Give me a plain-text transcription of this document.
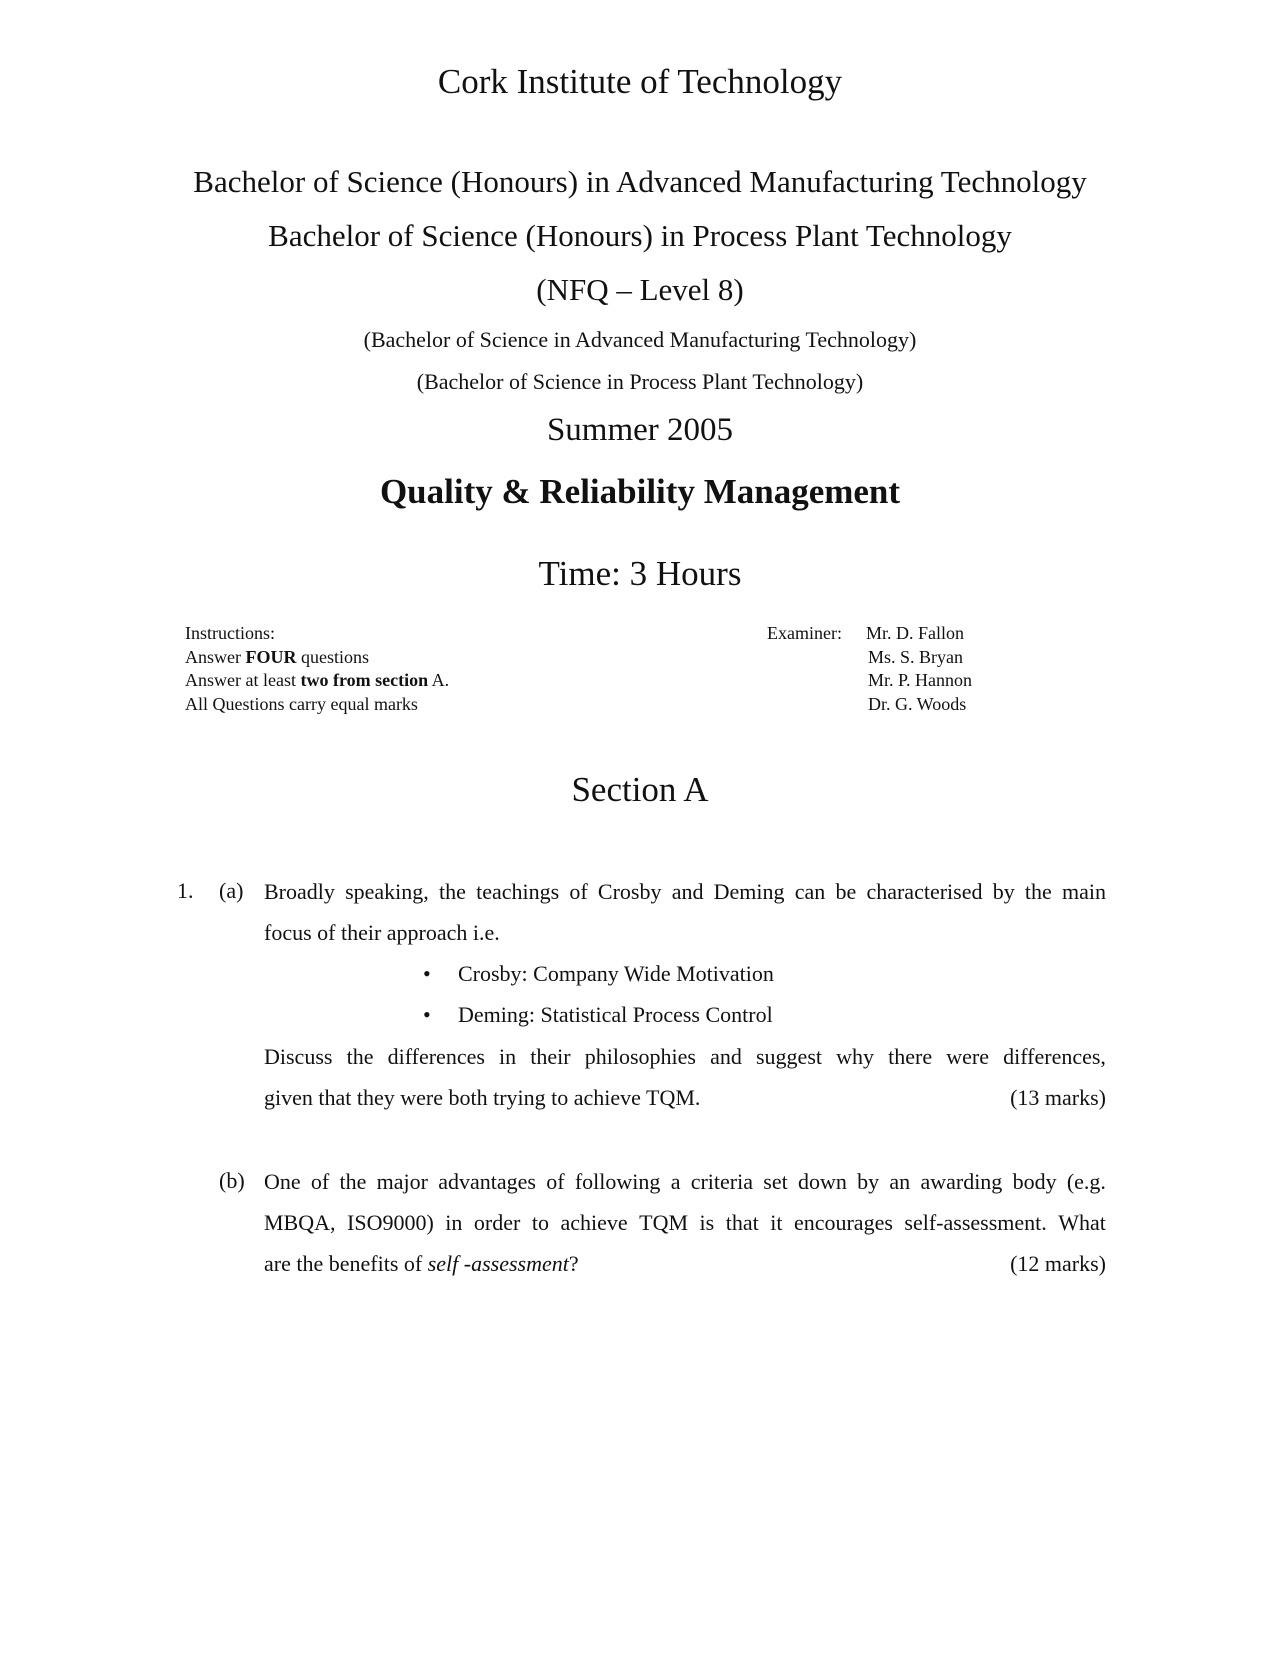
Cork Institute of Technology
Bachelor of Science (Honours) in Advanced Manufacturing Technology
Bachelor of Science (Honours) in Process Plant Technology
(NFQ – Level 8)
(Bachelor of Science in Advanced Manufacturing Technology)
(Bachelor of Science in Process Plant Technology)
Summer 2005
Quality & Reliability Management
Time: 3 Hours
Instructions:
Answer FOUR questions
Answer at least two from section A.
All Questions carry equal marks
Examiner: Mr. D. Fallon
Ms. S. Bryan
Mr. P. Hannon
Dr. G. Woods
Section A
1. (a) Broadly speaking, the teachings of Crosby and Deming can be characterised by the main
focus of their approach i.e.
• Crosby: Company Wide Motivation
• Deming: Statistical Process Control
Discuss the differences in their philosophies and suggest why there were differences,
given that they were both trying to achieve TQM.	(13 marks)
(b) One of the major advantages of following a criteria set down by an awarding body (e.g.
MBQA, ISO9000) in order to achieve TQM is that it encourages self-assessment. What
are the benefits of self -assessment?	(12 marks)
